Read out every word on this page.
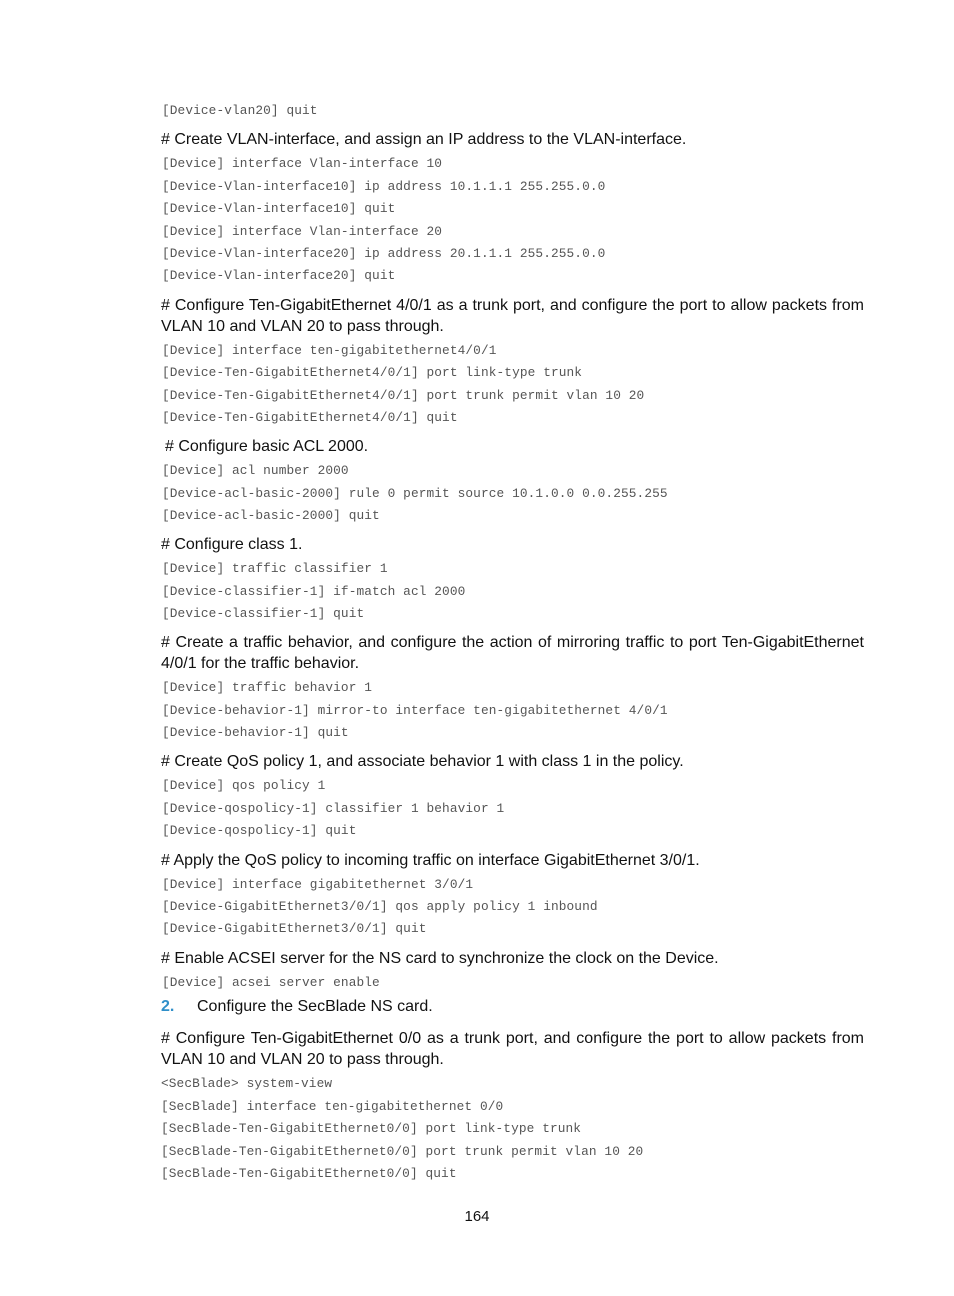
[Device-vlan20] quit
# Create VLAN-interface, and assign an IP address to the VLAN-interface.
[Device] interface Vlan-interface 10
[Device-Vlan-interface10] ip address 10.1.1.1 255.255.0.0
[Device-Vlan-interface10] quit
[Device] interface Vlan-interface 20
[Device-Vlan-interface20] ip address 20.1.1.1 255.255.0.0
[Device-Vlan-interface20] quit
# Configure Ten-GigabitEthernet 4/0/1 as a trunk port, and configure the port to allow packets from VLAN 10 and VLAN 20 to pass through.
[Device] interface ten-gigabitethernet4/0/1
[Device-Ten-GigabitEthernet4/0/1] port link-type trunk
[Device-Ten-GigabitEthernet4/0/1] port trunk permit vlan 10 20
[Device-Ten-GigabitEthernet4/0/1] quit
# Configure basic ACL 2000.
[Device] acl number 2000
[Device-acl-basic-2000] rule 0 permit source 10.1.0.0 0.0.255.255
[Device-acl-basic-2000] quit
# Configure class 1.
[Device] traffic classifier 1
[Device-classifier-1] if-match acl 2000
[Device-classifier-1] quit
# Create a traffic behavior, and configure the action of mirroring traffic to port Ten-GigabitEthernet 4/0/1 for the traffic behavior.
[Device] traffic behavior 1
[Device-behavior-1] mirror-to interface ten-gigabitethernet 4/0/1
[Device-behavior-1] quit
# Create QoS policy 1, and associate behavior 1 with class 1 in the policy.
[Device] qos policy 1
[Device-qospolicy-1] classifier 1 behavior 1
[Device-qospolicy-1] quit
# Apply the QoS policy to incoming traffic on interface GigabitEthernet 3/0/1.
[Device] interface gigabitethernet 3/0/1
[Device-GigabitEthernet3/0/1] qos apply policy 1 inbound
[Device-GigabitEthernet3/0/1] quit
# Enable ACSEI server for the NS card to synchronize the clock on the Device.
[Device] acsei server enable
2. Configure the SecBlade NS card.
# Configure Ten-GigabitEthernet 0/0 as a trunk port, and configure the port to allow packets from VLAN 10 and VLAN 20 to pass through.
<SecBlade> system-view
[SecBlade] interface ten-gigabitethernet 0/0
[SecBlade-Ten-GigabitEthernet0/0] port link-type trunk
[SecBlade-Ten-GigabitEthernet0/0] port trunk permit vlan 10 20
[SecBlade-Ten-GigabitEthernet0/0] quit
164
